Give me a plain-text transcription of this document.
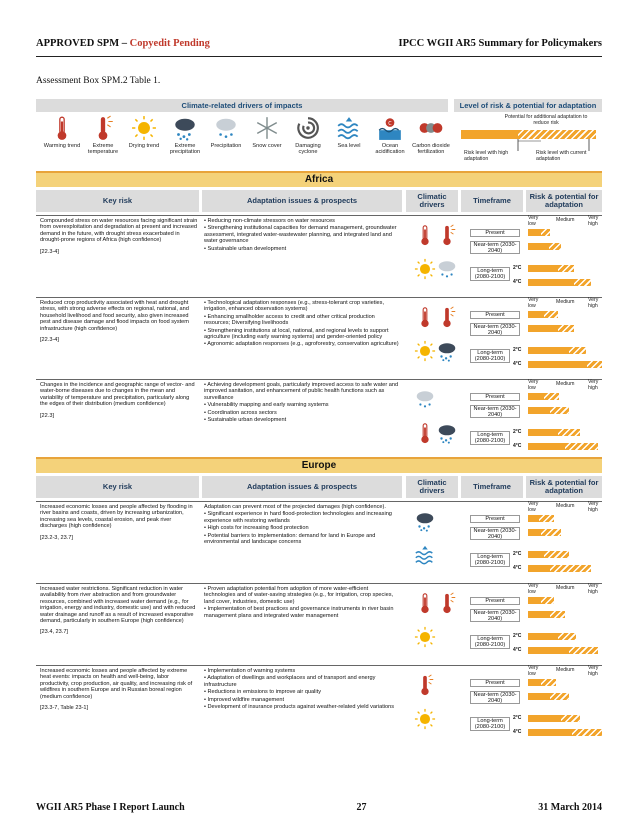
APPROVED SPM – Copyedit Pending	IPCC WGII AR5 Summary for Policymakers
Assessment Box SPM.2 Table 1.
Climate-related drivers of impacts	Level of risk & potential for adaptation
Warming trend	Extreme temperature
Drying trend	Extreme precipitation
Precipitation	Snow cover	Damaging cyclone
Sea level
C
Ocean acidification
Carbon dioxide fertilization
Potential for additional adaptation to reduce risk
Risk level with high adaptation
Risk level with current adaptation
Africa
Key risk	Adaptation issues & prospects	Climatic drivers	Timeframe	Risk & potential for adaptation
Compounded stress on water resources facing significant strain from overexploitation and degradation at present and increased demand in the future, with drought stress exacerbated in drought-prone regions of Africa (high confidence)
[22.3-4]
• Reducing non-climate stressors on water resources
• Strengthening institutional capacities for demand management, groundwater assessment, integrated water-wastewater planning, and integrated land and water governance
• Sustainable urban development
Very low
Medium	Very high
Present
Near-term (2030-2040)
Long-term (2080-2100)
2°C
4°C
Reduced crop productivity associated with heat and drought stress, with strong adverse effects on regional, national, and household livelihood and food security, also given increased pest and disease damage and flood impacts on food system infrastructure (high confidence)
[22.3-4]
• Technological adaptation responses (e.g., stress-tolerant crop varieties, irrigation, enhanced observation systems)
• Enhancing smallholder access to credit and other critical production resources; Diversifying livelihoods
• Strengthening institutions at local, national, and regional levels to support agriculture (including early warning systems) and gender-oriented policy
• Agronomic adaptation responses (e.g., agroforestry, conservation agriculture)
Very low
Medium	Very high
Present
Near-term (2030-2040)
Long-term (2080-2100)
2°C
4°C
Changes in the incidence and geographic range of vector- and water-borne diseases due to changes in the mean and variability of temperature and precipitation, particularly along the edges of their distribution (medium confidence)
[22.3]
• Achieving development goals, particularly improved access to safe water and improved sanitation, and enhancement of public health functions such as surveillance
• Vulnerability mapping and early warning systems
• Coordination across sectors
• Sustainable urban development
Very low
Medium	Very high
Present
Near-term (2030-2040)
Long-term (2080-2100)
2°C
4°C
Europe
Key risk	Adaptation issues & prospects	Climatic drivers	Timeframe	Risk & potential for adaptation
Increased economic losses and people affected by flooding in river basins and coasts, driven by increasing urbanization, increasing sea levels, coastal erosion, and peak river discharges (high confidence)
[23.2-3, 23.7]
Adaptation can prevent most of the projected damages (high confidence).
• Significant experience in hard flood-protection technologies and increasing experience with restoring wetlands
• High costs for increasing flood protection
• Potential barriers to implementation: demand for land in Europe and environmental and landscape concerns
Very low
Medium	Very high
Present
Near-term (2030-2040)
Long-term (2080-2100)
2°C
4°C
Increased water restrictions. Significant reduction in water availability from river abstraction and from groundwater resources, combined with increased water demand (e.g., for irrigation, energy and industry, domestic use) and with reduced water drainage and runoff as a result of increased evaporative demand, particularly in southern Europe (high confidence)
[23.4, 23.7]
• Proven adaptation potential from adoption of more water-efficient technologies and of water-saving strategies (e.g., for irrigation, crop species, land cover, industries, domestic use)
• Implementation of best practices and governance instruments in river basin management plans and integrated water management
Very low
Medium	Very high
Present
Near-term (2030-2040)
Long-term (2080-2100)
2°C
4°C
Increased economic losses and people affected by extreme heat events: impacts on health and well-being, labor productivity, crop production, air quality, and increasing risk of wildfires in southern Europe and in Russian boreal region (medium confidence)
[23.3-7, Table 23-1]
• Implementation of warning systems
• Adaptation of dwellings and workplaces and of transport and energy infrastructure
• Reductions in emissions to improve air quality
• Improved wildfire management
• Development of insurance products against weather-related yield variations
Very low
Medium	Very high
Present
Near-term (2030-2040)
Long-term (2080-2100)
2°C
4°C
WGII AR5 Phase I Report Launch	27	31 March 2014
